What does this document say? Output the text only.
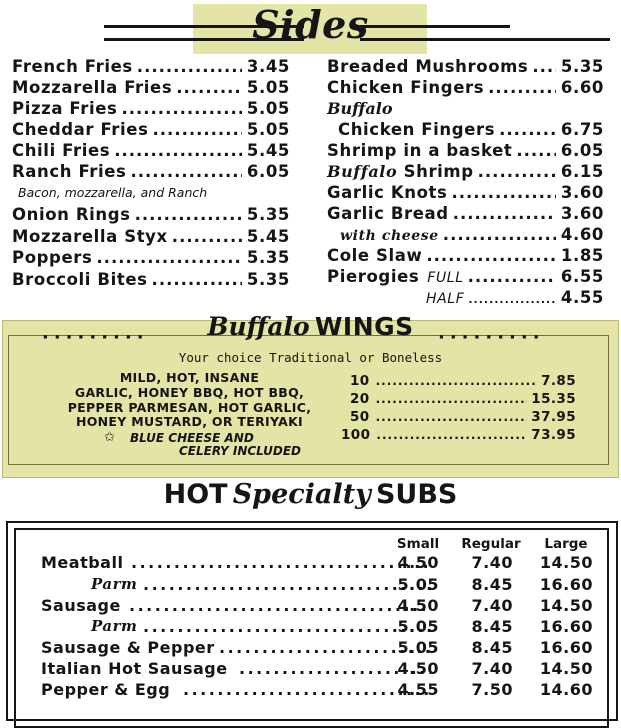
Sides
French Fries .....	3.45
Mozzarella Fries .....	5.05
Pizza Fries .....	5.05
Cheddar Fries .....	5.05
Chili Fries .....	5.45
Ranch Fries .....	6.05
Bacon, mozzarella, and Ranch
Onion Rings .....	5.35
Mozzarella Styx .....	5.45
Poppers .....	5.35
Broccoli Bites .....	5.35
Breaded Mushrooms ..... 5.35
Chicken Fingers .....	6.60
Buffalo
Chicken Fingers .....	6.75
Shrimp in a basket .....	6.05
Buffalo Shrimp .....	6.15
Garlic Knots .....	3.60
Garlic Bread .....	3.60
with cheese .....	4.60
Cole Slaw .....	1.85
Pierogies FULL .....	6.55
HALF .....	4.55
·········	·········
Buffalo WINGS
Your choice Traditional or Boneless
MILD, HOT, INSANE
GARLIC, HONEY BBQ, HOT BBQ,
PEPPER PARMESAN, HOT GARLIC,
HONEY MUSTARD, OR TERIYAKI
✩ BLUE CHEESE AND
CELERY INCLUDED
10 .....	7.85
20 .....	15.35
50 .....	37.95
100 .....	73.95
HOT Specialty SUBS
Small	Regular	Large
Meatball .....	4.50	7.40	14.50
Parm .....	5.05	8.45	16.60
Sausage .....	4.50	7.40	14.50
Parm .....	5.05	8.45	16.60
Sausage & Pepper .....	5.05	8.45	16.60
Italian Hot Sausage .....	4.50	7.40	14.50
Pepper & Egg .....	4.55	7.50	14.60
